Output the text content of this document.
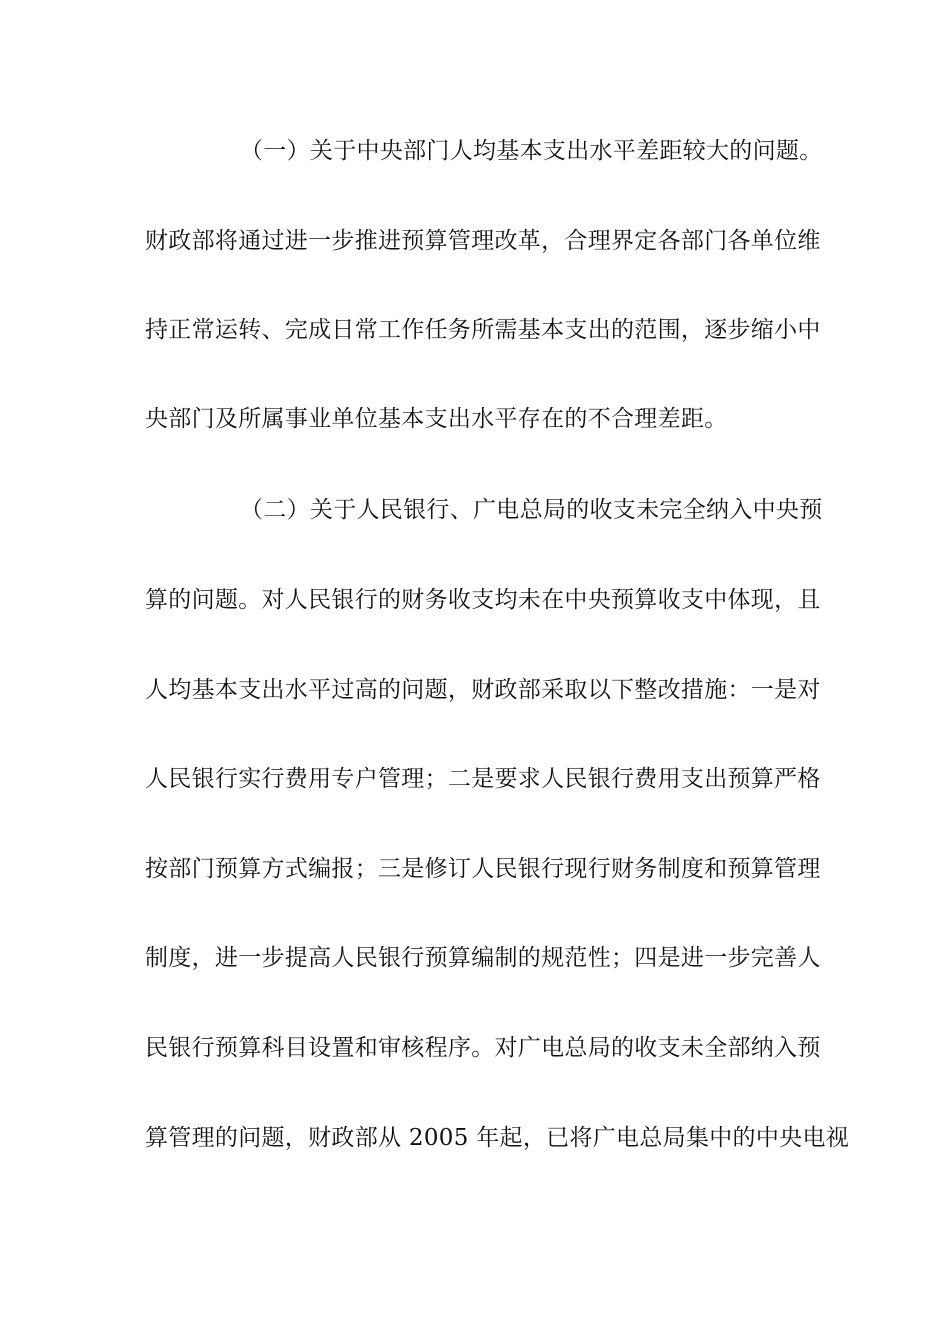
（一）关于中央部门人均基本支出水平差距较大的问题。
财政部将通过进一步推进预算管理改革，合理界定各部门各单位维
持正常运转、完成日常工作任务所需基本支出的范围，逐步缩小中
央部门及所属事业单位基本支出水平存在的不合理差距。
（二）关于人民银行、广电总局的收支未完全纳入中央预
算的问题。对人民银行的财务收支均未在中央预算收支中体现，且
人均基本支出水平过高的问题，财政部采取以下整改措施：一是对
人民银行实行费用专户管理；二是要求人民银行费用支出预算严格
按部门预算方式编报；三是修订人民银行现行财务制度和预算管理
制度，进一步提高人民银行预算编制的规范性；四是进一步完善人
民银行预算科目设置和审核程序。对广电总局的收支未全部纳入预
算管理的问题，财政部从 2005 年起，已将广电总局集中的中央电视
